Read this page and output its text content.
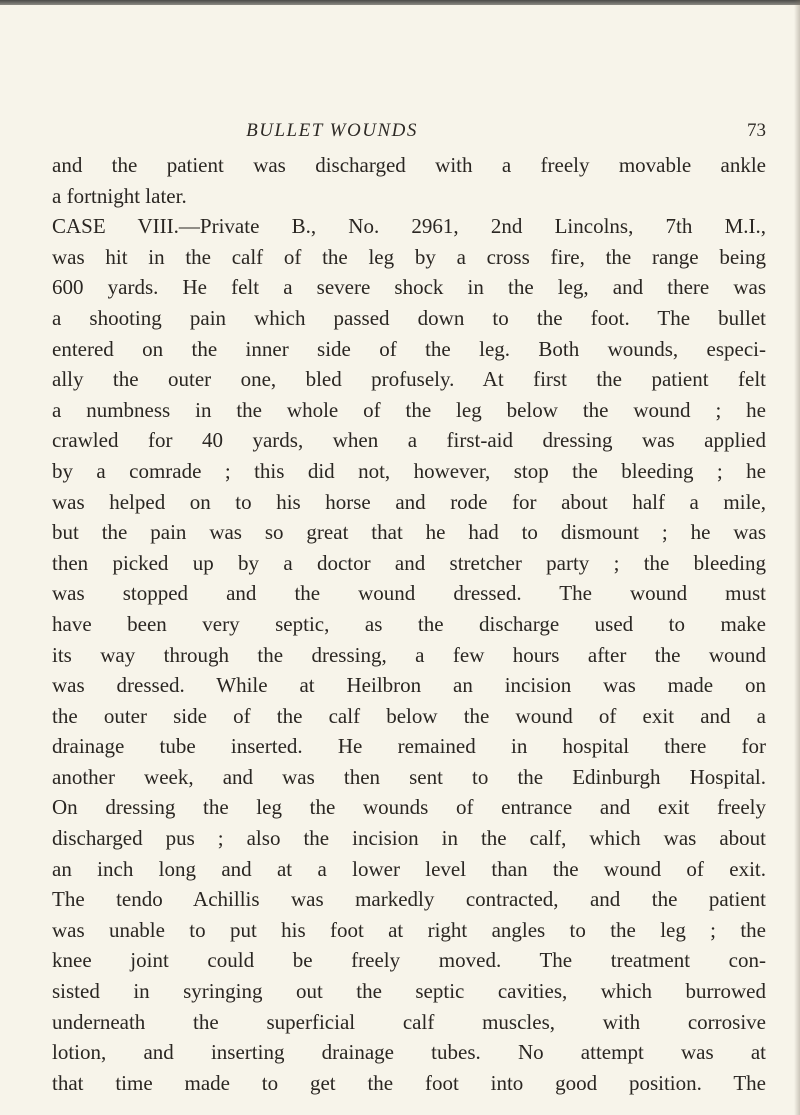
BULLET WOUNDS	73
and the patient was discharged with a freely movable ankle
a fortnight later.
CASE VIII.—Private B., No. 2961, 2nd Lincolns, 7th M.I.,
was hit in the calf of the leg by a cross fire, the range being
600 yards. He felt a severe shock in the leg, and there was
a shooting pain which passed down to the foot. The bullet
entered on the inner side of the leg. Both wounds, especi-
ally the outer one, bled profusely. At first the patient felt
a numbness in the whole of the leg below the wound ; he
crawled for 40 yards, when a first-aid dressing was applied
by a comrade ; this did not, however, stop the bleeding ; he
was helped on to his horse and rode for about half a mile,
but the pain was so great that he had to dismount ; he was
then picked up by a doctor and stretcher party ; the bleeding
was stopped and the wound dressed. The wound must
have been very septic, as the discharge used to make
its way through the dressing, a few hours after the wound
was dressed. While at Heilbron an incision was made on
the outer side of the calf below the wound of exit and a
drainage tube inserted. He remained in hospital there for
another week, and was then sent to the Edinburgh Hospital.
On dressing the leg the wounds of entrance and exit freely
discharged pus ; also the incision in the calf, which was about
an inch long and at a lower level than the wound of exit.
The tendo Achillis was markedly contracted, and the patient
was unable to put his foot at right angles to the leg ; the
knee joint could be freely moved. The treatment con-
sisted in syringing out the septic cavities, which burrowed
underneath the superficial calf muscles, with corrosive
lotion, and inserting drainage tubes. No attempt was at
that time made to get the foot into good position. The
